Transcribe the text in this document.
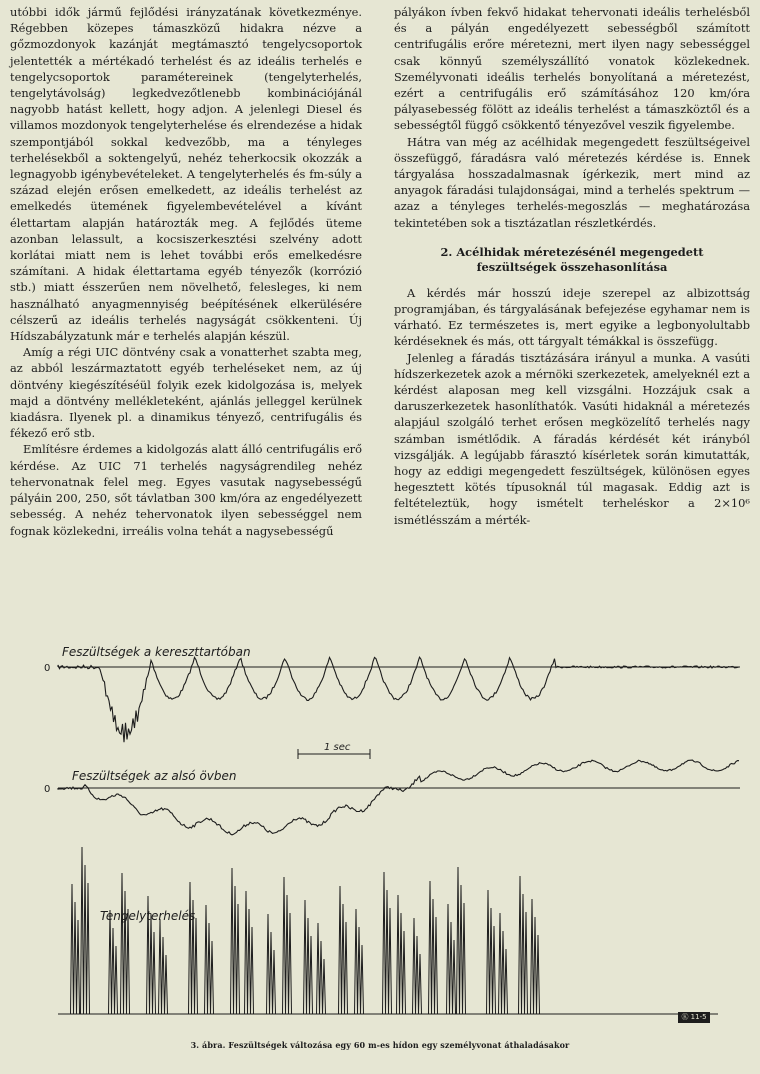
utóbbi idők jármű fejlődési irányzatának következménye. Régebben közepes támaszközű hidakra nézve a gőzmozdonyok kazánját megtámasztó tengelycsoportok jelentették a mértékadó terhelést és az ideális terhelés e tengelycsoportok paramétereinek (tengelyterhelés, tengelytávolság) legkedvezőtlenebb kombinációjánál nagyobb hatást kellett, hogy adjon. A jelenlegi Diesel és villamos mozdonyok tengelyterhelése és elrendezése a hidak szempontjából sokkal kedvezőbb, ma a tényleges terhelésekből a soktengelyű, nehéz teherkocsik okozzák a legnagyobb igénybevételeket. A tengelyterhelés és fm-súly a század elején erősen emelkedett, az ideális terhelést az emelkedés ütemének figyelembevételével a kívánt élettartam alapján határozták meg. A fejlődés üteme azonban lelassult, a kocsiszerkesztési szelvény adott korlátai miatt nem is lehet további erős emelkedésre számítani. A hidak élettartama egyéb tényezők (korrózió stb.) miatt ésszerűen nem növelhető, felesleges, ki nem használható anyagmennyiség beépítésének elkerülésére célszerű az ideális terhelés nagyságát csökkenteni. Új Hídszabályzatunk már e terhelés alapján készül.

Amíg a régi UIC döntvény csak a vonatterhet szabta meg, az abból leszármaztatott egyéb terheléseket nem, az új döntvény kiegészítéséül folyik ezek kidolgozása is, melyek majd a döntvény mellékleteként, ajánlás jelleggel kerülnek kiadásra. Ilyenek pl. a dinamikus tényező, centrifugális és fékező erő stb.

Említésre érdemes a kidolgozás alatt álló centrifugális erő kérdése. Az UIC 71 terhelés nagyságrendileg nehéz tehervonatnak felel meg. Egyes vasutak nagysebességű pályáin 200, 250, sőt távlatban 300 km/óra az engedélyezett sebesség. A nehéz tehervonatok ilyen sebességgel nem fognak közlekedni, irreális volna tehát a nagysebességű

pályákon ívben fekvő hidakat tehervonati ideális terhelésből és a pályán engedélyezett sebességből számított centrifugális erőre méretezni, mert ilyen nagy sebességgel csak könnyű személyszállító vonatok közlekednek. Személyvonati ideális terhelés bonyolítaná a méretezést, ezért a centrifugális erő számításához 120 km/óra pályasebesség fölött az ideális terhelést a támaszköztől és a sebességtől függő csökkentő tényezővel veszik figyelembe.

Hátra van még az acélhidak megengedett feszültségeivel összefüggő, fáradásra való méretezés kérdése is. Ennek tárgyalása hosszadalmasnak ígérkezik, mert mind az anyagok fáradási tulajdonságai, mind a terhelés spektrum — azaz a tényleges terhelés-megoszlás — meghatározása tekintetében sok a tisztázatlan részletkérdés.

2. Acélhidak méretezésénél megengedett
feszültségek összehasonlítása

A kérdés már hosszú ideje szerepel az albizottság programjában, és tárgyalásának befejezése egyhamar nem is várható. Ez természetes is, mert egyike a legbonyolultabb kérdéseknek és más, ott tárgyalt témákkal is összefügg.

Jelenleg a fáradás tisztázására irányul a munka. A vasúti hídszerkezetek azok a mérnöki szerkezetek, amelyeknél ezt a kérdést alaposan meg kell vizsgálni. Hozzájuk csak a daruszerkezetek hasonlíthatók. Vasúti hidaknál a méretezés alapjául szolgáló terhet erősen megközelítő terhelés nagy számban ismétlődik. A fáradás kérdését két irányból vizsgálják. A legújabb fárasztó kísérletek során kimutatták, hogy az eddigi megengedett feszültségek, különösen egyes hegesztett kötés típusoknál túl magasak. Eddig azt is feltételeztük, hogy ismételt terheléskor a 2×10⁶ ismétlésszám a mérték-

Feszültségek a kereszttartóban
0
1 sec
Feszültségek az alsó övben
0
Tengelyterhelés
Ⓚ 11-5
3. ábra. Feszültségek változása egy 60 m-es hídon egy személyvonat áthaladásakor
